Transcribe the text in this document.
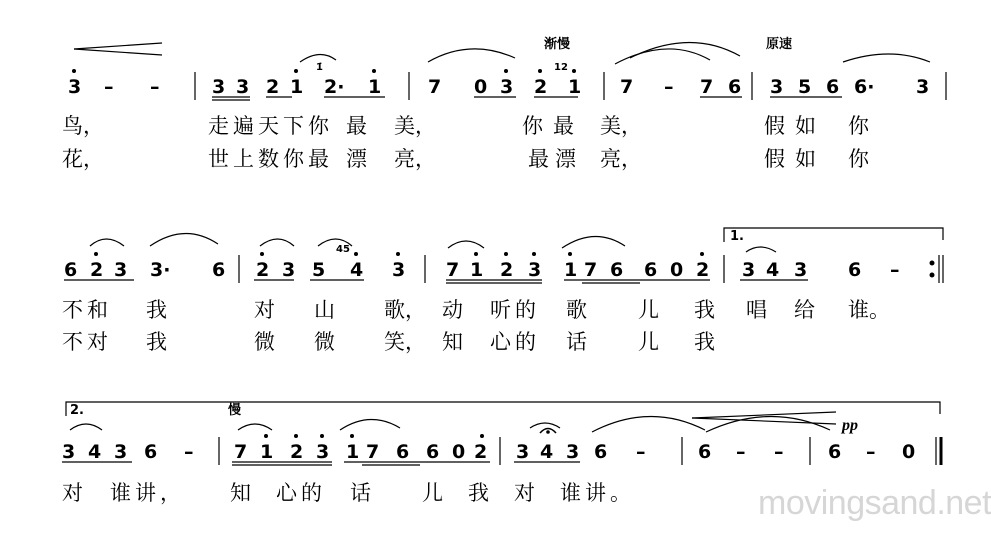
3 – –	3 3 2 1 2· 1 7 0 3 2 1 7 – 7 6 3 5 6 6· 3
6 2 3 3· 6 2 3 5 4 3 7 1 2 3 1 7 6 6 0 2 3 4 3 6 –
3 4 3 6 – 7 1 2 3 1 7 6 6 0 2 3 4 3 6 –	6 – – 6 – 0
渐慢	原速
慢
1.
2.
1̇	12
45
pp
鸟，	走遍天下你 最 美，	你最 美，	假如 你
花，	世上数你最 漂 亮，	最漂 亮，	假如 你
不和 我	对 山 歌， 动 听的 歌 儿 我 唱 给 谁。
不对 我	微 微 笑， 知 心的 话 儿 我
对 谁讲， 知 心的 话 儿 我 对 谁讲。	movingsand.net
